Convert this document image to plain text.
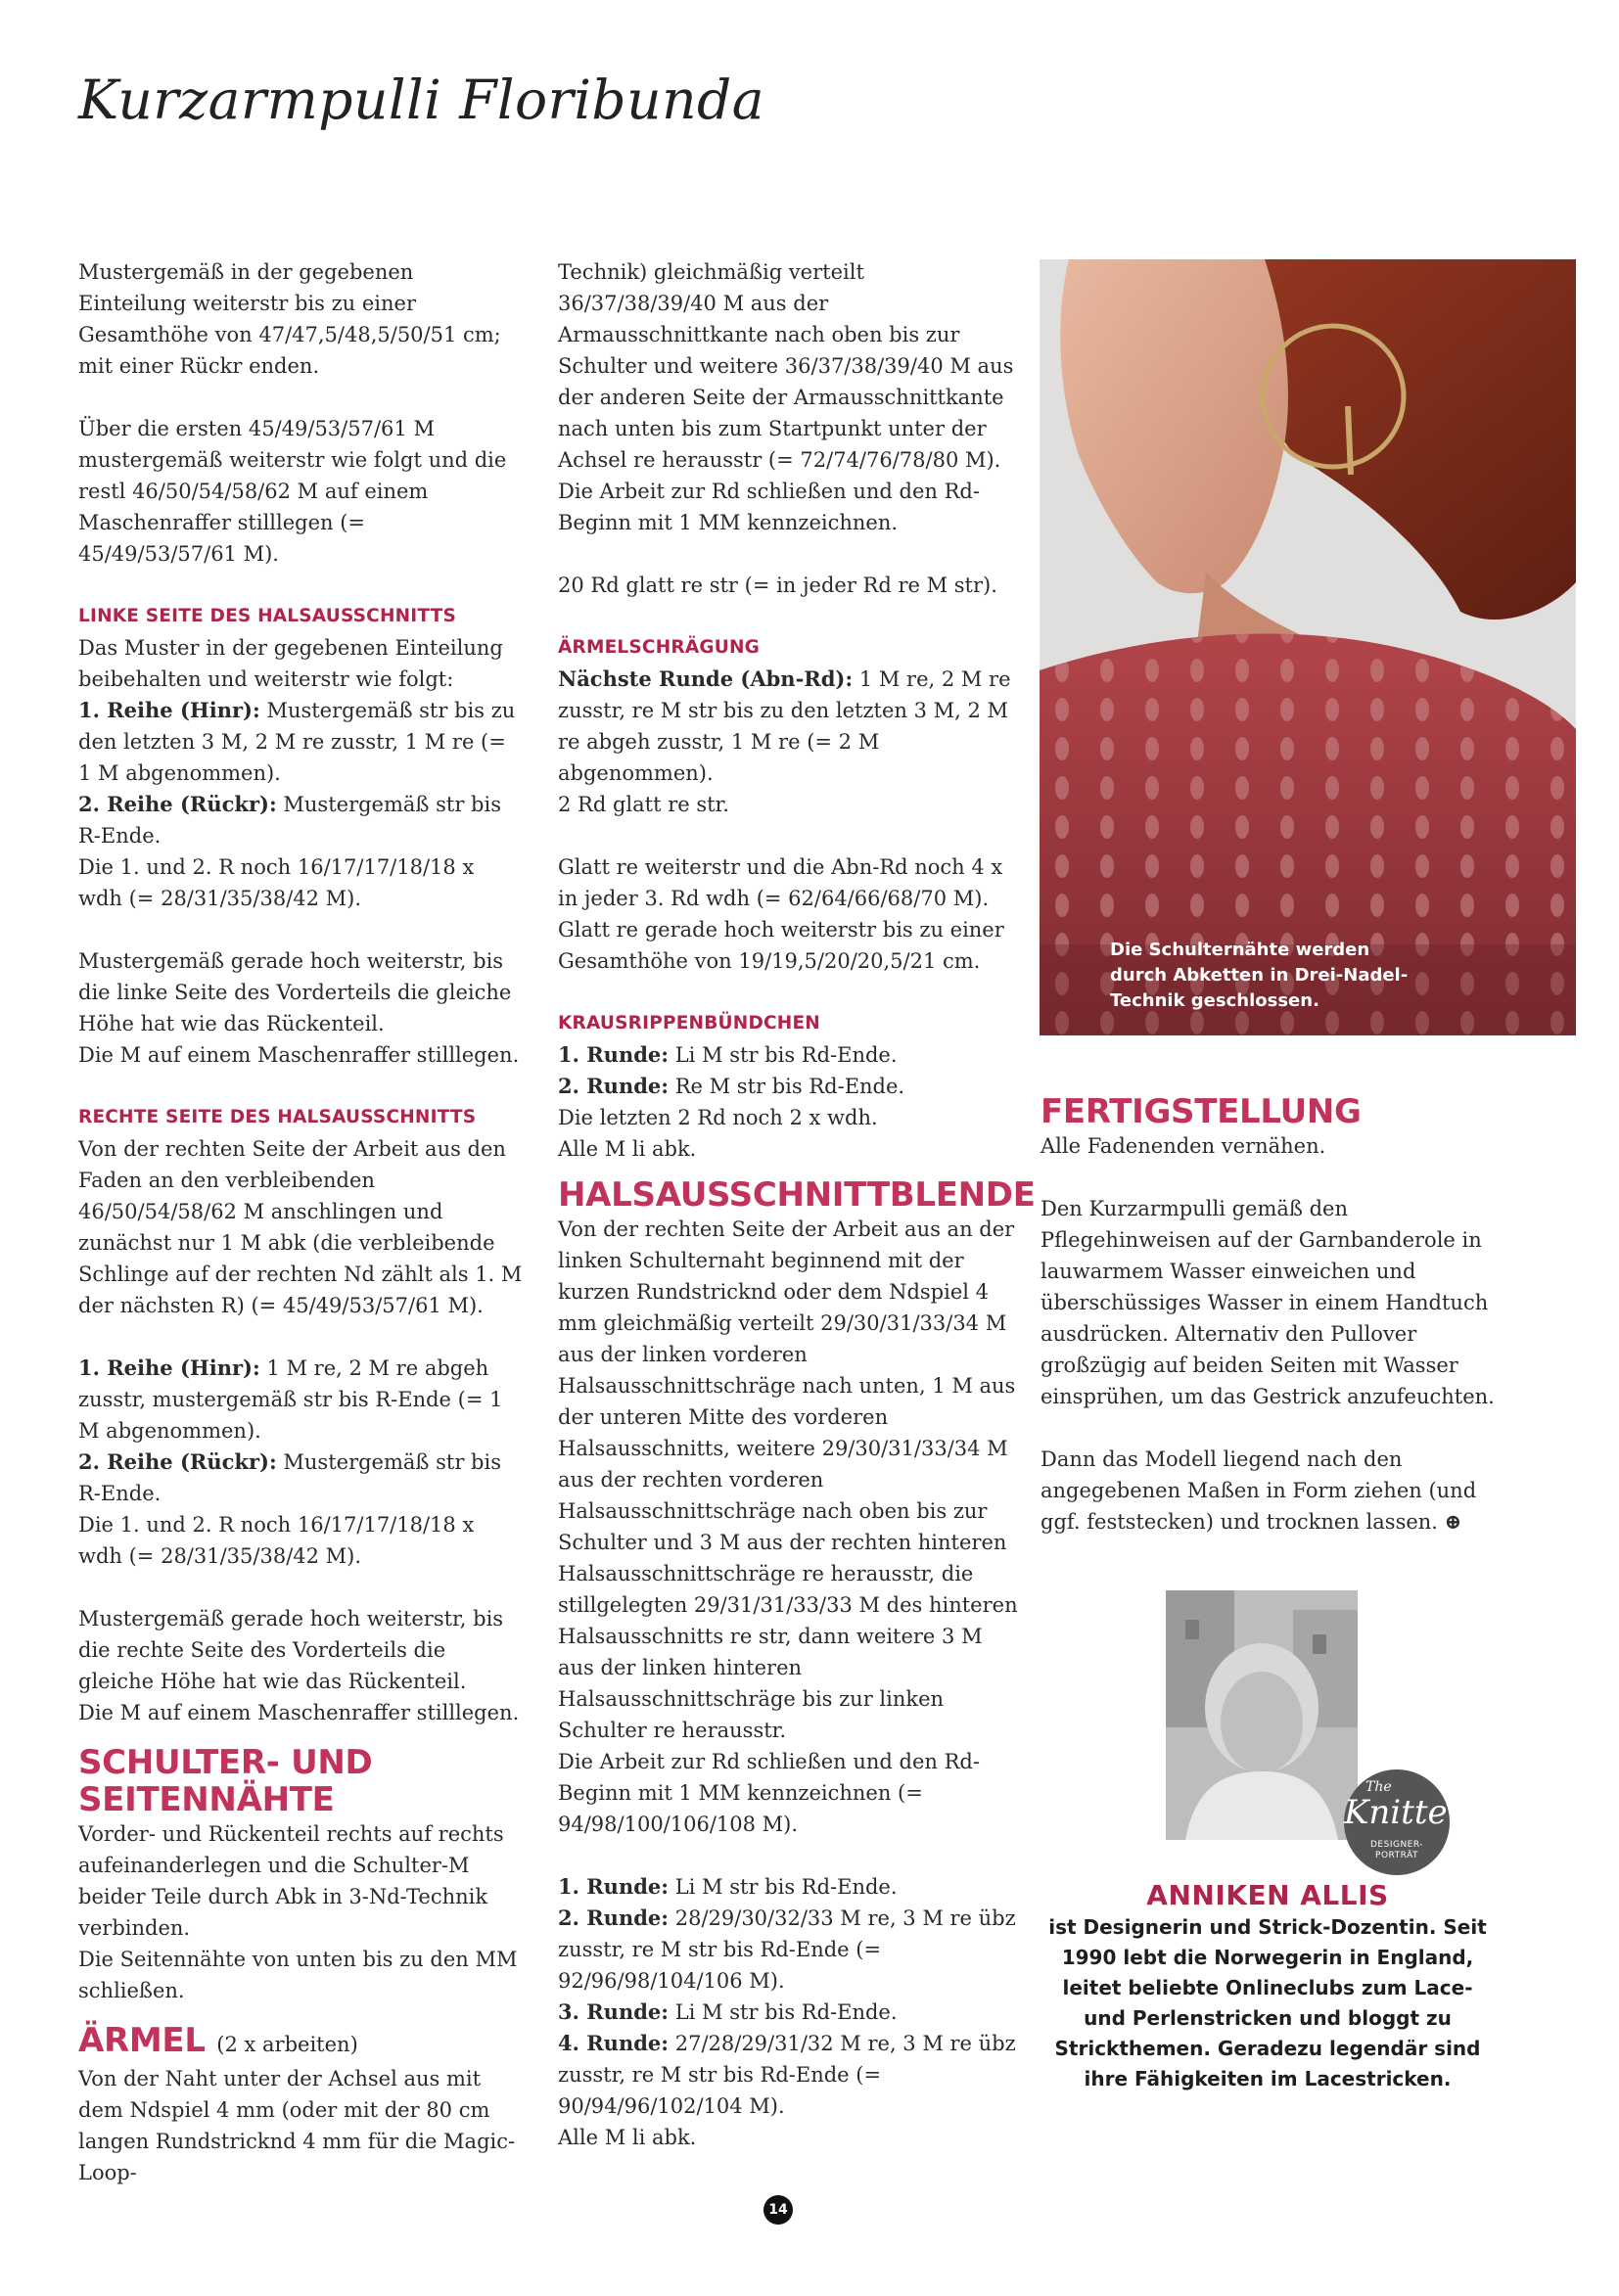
Kurzarmpulli Floribunda

Mustergemäß in der gegebenen Einteilung weiterstr bis zu einer Gesamthöhe von 47/47,5/48,5/50/51 cm; mit einer Rückr enden.

Über die ersten 45/49/53/57/61 M mustergemäß weiterstr wie folgt und die restl 46/50/54/58/62 M auf einem Maschenraffer stilllegen (= 45/49/53/57/61 M).

LINKE SEITE DES HALSAUSSCHNITTS

Das Muster in der gegebenen Einteilung beibehalten und weiterstr wie folgt:

1. Reihe (Hinr): Mustergemäß str bis zu den letzten 3 M, 2 M re zusstr, 1 M re (= 1 M abgenommen).

2. Reihe (Rückr): Mustergemäß str bis R-Ende.

Die 1. und 2. R noch 16/17/17/18/18 x wdh (= 28/31/35/38/42 M).

Mustergemäß gerade hoch weiterstr, bis die linke Seite des Vorderteils die gleiche Höhe hat wie das Rückenteil.

Die M auf einem Maschenraffer stilllegen.

RECHTE SEITE DES HALSAUSSCHNITTS

Von der rechten Seite der Arbeit aus den Faden an den verbleibenden 46/50/54/58/62 M anschlingen und zunächst nur 1 M abk (die verbleibende Schlinge auf der rechten Nd zählt als 1. M der nächsten R) (= 45/49/53/57/61 M).

1. Reihe (Hinr): 1 M re, 2 M re abgeh zusstr, mustergemäß str bis R-Ende (= 1 M abgenommen).

2. Reihe (Rückr): Mustergemäß str bis R-Ende.

Die 1. und 2. R noch 16/17/17/18/18 x wdh (= 28/31/35/38/42 M).

Mustergemäß gerade hoch weiterstr, bis die rechte Seite des Vorderteils die gleiche Höhe hat wie das Rückenteil.

Die M auf einem Maschenraffer stilllegen.

SCHULTER- UND SEITENNÄHTE

Vorder- und Rückenteil rechts auf rechts aufeinanderlegen und die Schulter-M beider Teile durch Abk in 3-Nd-Technik verbinden.

Die Seitennähte von unten bis zu den MM schließen.

ÄRMEL (2 x arbeiten)

Von der Naht unter der Achsel aus mit dem Ndspiel 4 mm (oder mit der 80 cm langen Rundstricknd 4 mm für die Magic-Loop-

Technik) gleichmäßig verteilt 36/37/38/39/40 M aus der Armausschnittkante nach oben bis zur Schulter und weitere 36/37/38/39/40 M aus der anderen Seite der Armausschnittkante nach unten bis zum Startpunkt unter der Achsel re herausstr (= 72/74/76/78/80 M).

Die Arbeit zur Rd schließen und den Rd-Beginn mit 1 MM kennzeichnen.

20 Rd glatt re str (= in jeder Rd re M str).

ÄRMELSCHRÄGUNG

Nächste Runde (Abn-Rd): 1 M re, 2 M re zusstr, re M str bis zu den letzten 3 M, 2 M re abgeh zusstr, 1 M re (= 2 M abgenommen).

2 Rd glatt re str.

Glatt re weiterstr und die Abn-Rd noch 4 x in jeder 3. Rd wdh (= 62/64/66/68/70 M).

Glatt re gerade hoch weiterstr bis zu einer Gesamthöhe von 19/19,5/20/20,5/21 cm.

KRAUSRIPPENBÜNDCHEN

1. Runde: Li M str bis Rd-Ende.

2. Runde: Re M str bis Rd-Ende.

Die letzten 2 Rd noch 2 x wdh.

Alle M li abk.

HALSAUSSCHNITTBLENDE

Von der rechten Seite der Arbeit aus an der linken Schulternaht beginnend mit der kurzen Rundstricknd oder dem Ndspiel 4 mm gleichmäßig verteilt 29/30/31/33/34 M aus der linken vorderen Halsausschnittschräge nach unten, 1 M aus der unteren Mitte des vorderen Halsausschnitts, weitere 29/30/31/33/34 M aus der rechten vorderen Halsausschnittschräge nach oben bis zur Schulter und 3 M aus der rechten hinteren Halsausschnittschräge re herausstr, die stillgelegten 29/31/31/33/33 M des hinteren Halsausschnitts re str, dann weitere 3 M aus der linken hinteren Halsausschnittschräge bis zur linken Schulter re herausstr.

Die Arbeit zur Rd schließen und den Rd-Beginn mit 1 MM kennzeichnen (= 94/98/100/106/108 M).

1. Runde: Li M str bis Rd-Ende.

2. Runde: 28/29/30/32/33 M re, 3 M re übz zusstr, re M str bis Rd-Ende (= 92/96/98/104/106 M).

3. Runde: Li M str bis Rd-Ende.

4. Runde: 27/28/29/31/32 M re, 3 M re übz zusstr, re M str bis Rd-Ende (= 90/94/96/102/104 M).

Alle M li abk.

Die Schulternähte werden durch Abketten in Drei-Nadel-Technik geschlossen.
FERTIGSTELLUNG

Alle Fadenenden vernähen.

Den Kurzarmpulli gemäß den Pflegehinweisen auf der Garnbanderole in lauwarmem Wasser einweichen und überschüssiges Wasser in einem Handtuch ausdrücken. Alternativ den Pullover großzügig auf beiden Seiten mit Wasser einsprühen, um das Gestrick anzufeuchten.

Dann das Modell liegend nach den angegebenen Maßen in Form ziehen (und ggf. feststecken) und trocknen lassen. ⊕

The
Knitter
DESIGNER-
PORTRÄT
ANNIKEN ALLIS
ist Designerin und Strick-Dozentin. Seit 1990 lebt die Norwegerin in England, leitet beliebte Onlineclubs zum Lace- und Perlenstricken und bloggt zu Strickthemen. Geradezu legendär sind ihre Fähigkeiten im Lacestricken.
14
